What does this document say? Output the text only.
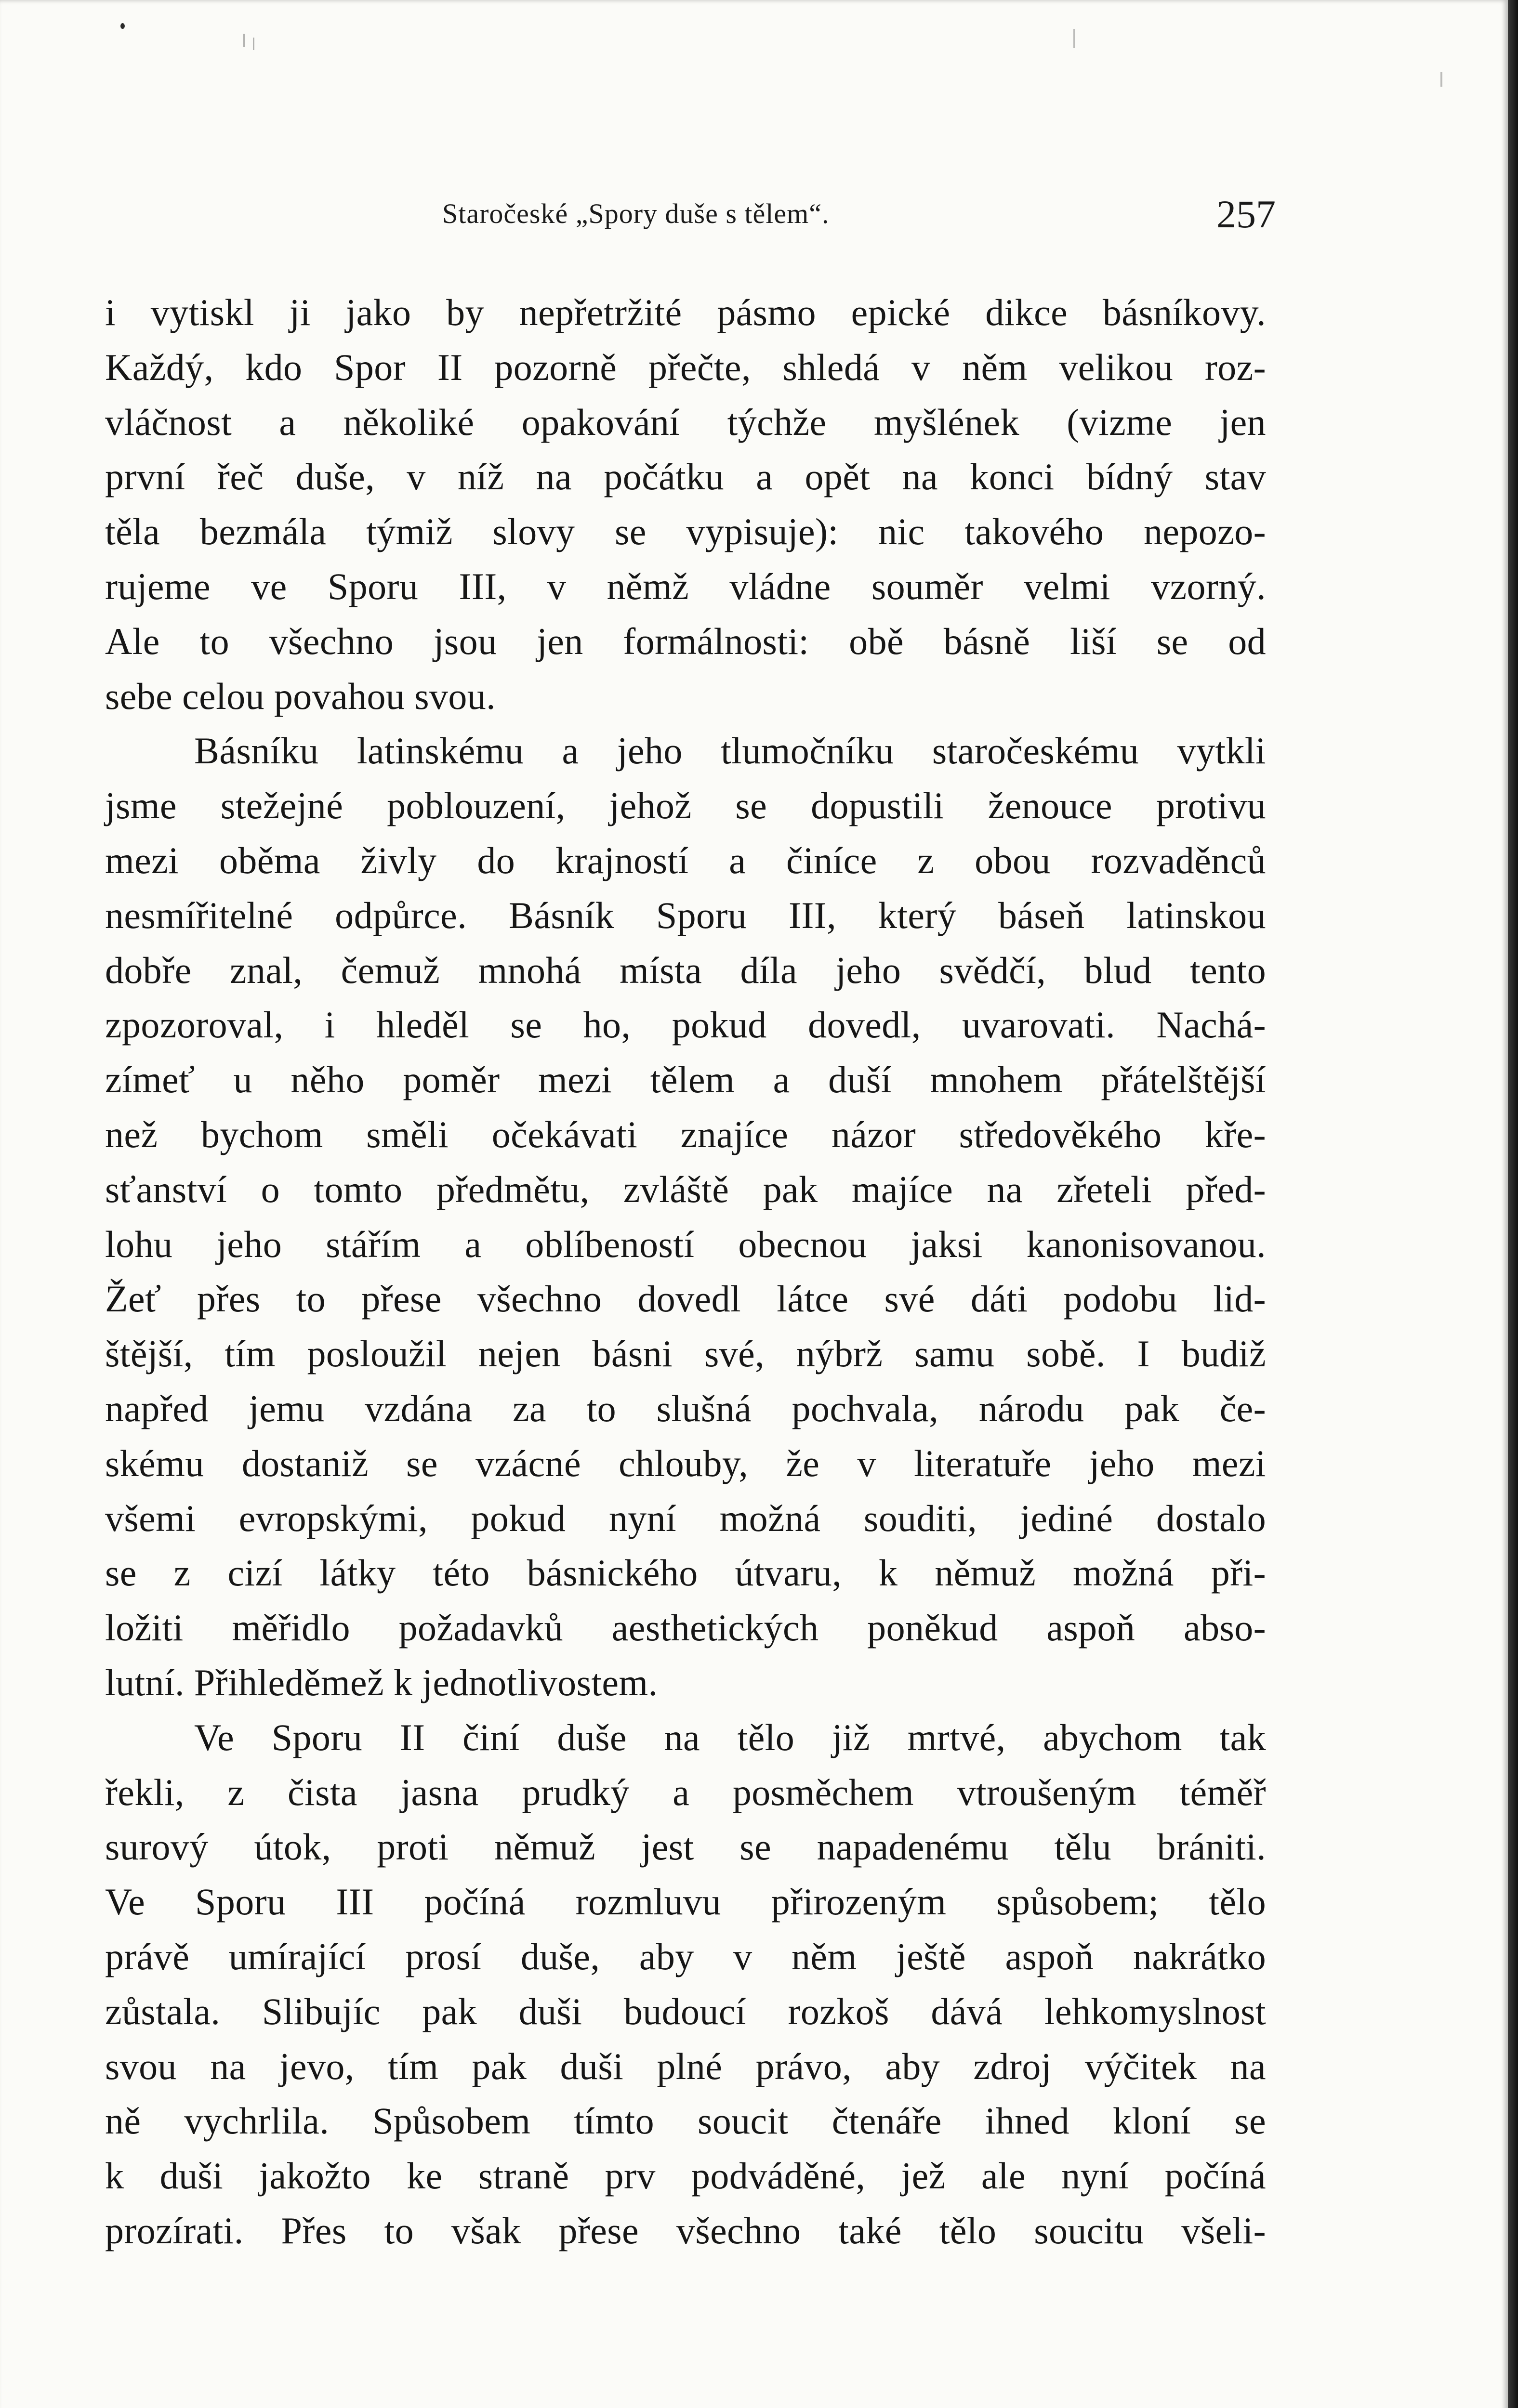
Staročeské „Spory duše s tělem“.	257
i vytiskl ji jako by nepřetržité pásmo epické dikce básníkovy.
Každý, kdo Spor II pozorně přečte, shledá v něm velikou roz-
vláčnost a několiké opakování týchže myšlének (vizme jen
první řeč duše, v níž na počátku a opět na konci bídný stav
těla bezmála týmiž slovy se vypisuje): nic takového nepozo-
rujeme ve Sporu III, v němž vládne souměr velmi vzorný.
Ale to všechno jsou jen formálnosti: obě básně liší se od
sebe celou povahou svou.
Básníku latinskému a jeho tlumočníku staročeskému vytkli
jsme stežejné poblouzení, jehož se dopustili ženouce protivu
mezi oběma živly do krajností a činíce z obou rozvaděnců
nesmířitelné odpůrce. Básník Sporu III, který báseň latinskou
dobře znal, čemuž mnohá místa díla jeho svědčí, blud tento
zpozoroval, i hleděl se ho, pokud dovedl, uvarovati. Nachá-
zímeť u něho poměr mezi tělem a duší mnohem přátelštější
než bychom směli očekávati znajíce názor středověkého kře-
sťanství o tomto předmětu, zvláště pak majíce na zřeteli před-
lohu jeho stářím a oblíbeností obecnou jaksi kanonisovanou.
Žeť přes to přese všechno dovedl látce své dáti podobu lid-
štější, tím posloužil nejen básni své, nýbrž samu sobě. I budiž
napřed jemu vzdána za to slušná pochvala, národu pak če-
skému dostaniž se vzácné chlouby, že v literatuře jeho mezi
všemi evropskými, pokud nyní možná souditi, jediné dostalo
se z cizí látky této básnického útvaru, k němuž možná při-
ložiti měřidlo požadavků aesthetických poněkud aspoň abso-
lutní. Přihleděmež k jednotlivostem.
Ve Sporu II činí duše na tělo již mrtvé, abychom tak
řekli, z čista jasna prudký a posměchem vtroušeným téměř
surový útok, proti němuž jest se napadenému tělu brániti.
Ve Sporu III počíná rozmluvu přirozeným spůsobem; tělo
právě umírající prosí duše, aby v něm ještě aspoň nakrátko
zůstala. Slibujíc pak duši budoucí rozkoš dává lehkomyslnost
svou na jevo, tím pak duši plné právo, aby zdroj výčitek na
ně vychrlila. Spůsobem tímto soucit čtenáře ihned kloní se
k duši jakožto ke straně prv podváděné, jež ale nyní počíná
prozírati. Přes to však přese všechno také tělo soucitu všeli-
